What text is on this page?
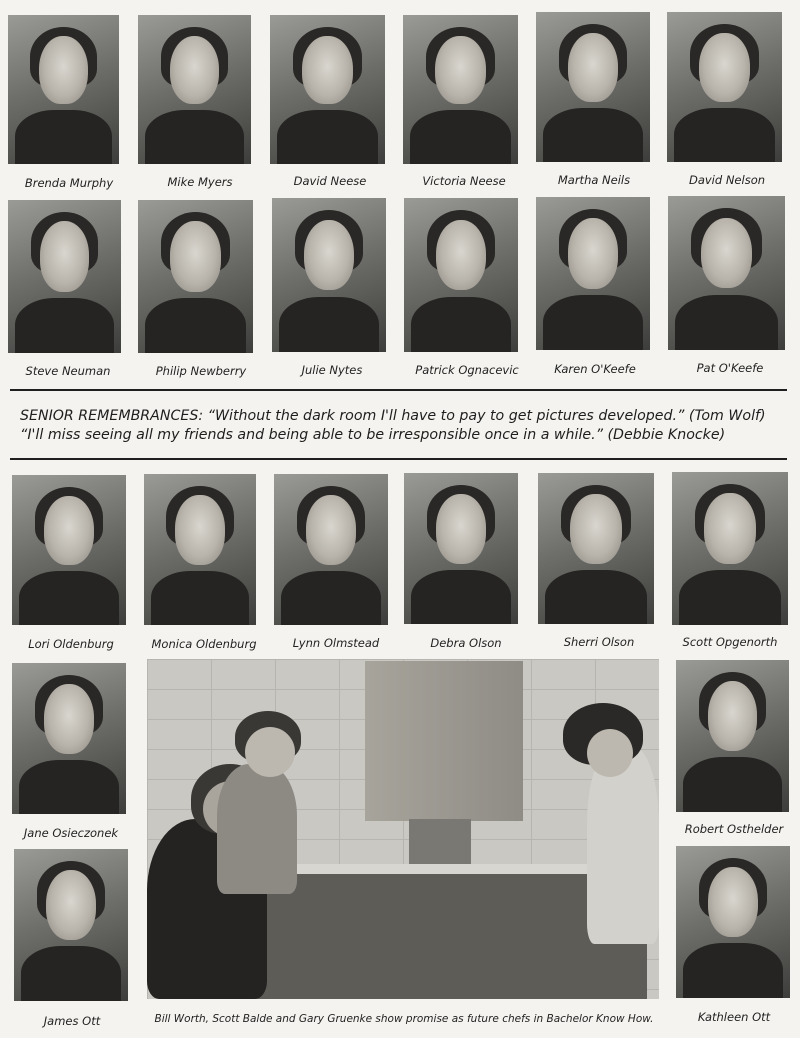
Brenda Murphy	Mike Myers	David Neese	Victoria Neese	Martha Neils	David Nelson
Steve Neuman	Philip Newberry	Julie Nytes	Patrick Ognacevic	Karen O'Keefe	Pat O'Keefe
SENIOR REMEMBRANCES: “Without the dark room I'll have to pay to get pictures developed.” (Tom Wolf) “I'll miss seeing all my friends and being able to be irresponsible once in a while.” (Debbie Knocke)
Lori Oldenburg	Monica Oldenburg	Lynn Olmstead	Debra Olson	Sherri Olson	Scott Opgenorth
Jane Osieczonek
James Ott
Robert Osthelder
Kathleen Ott
Bill Worth, Scott Balde and Gary Gruenke show promise as future chefs in Bachelor Know How.
